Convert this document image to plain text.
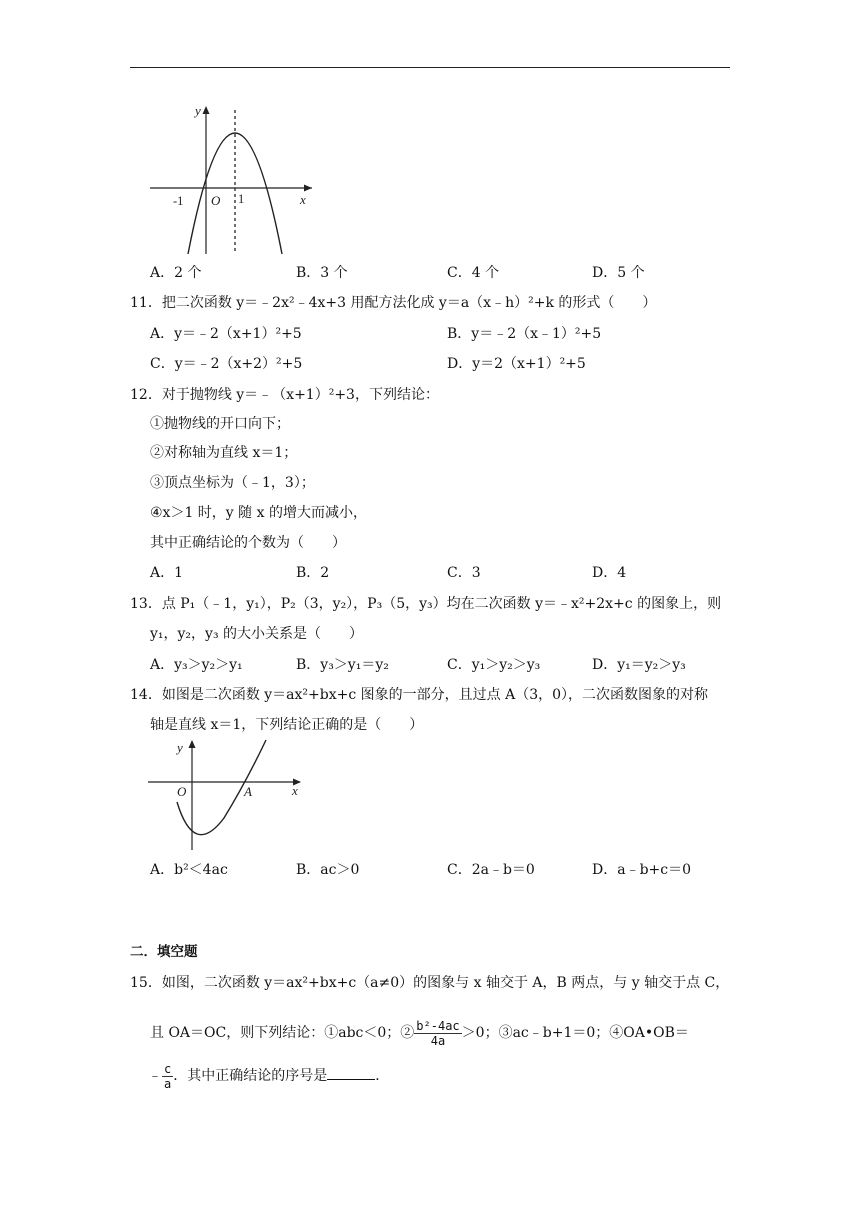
y
x
O
-1	1
A．2 个	B．3 个	C．4 个	D．5 个
11．把二次函数 y＝﹣2x²﹣4x+3 用配方法化成 y＝a（x﹣h）²+k 的形式（　　）
A．y＝﹣2（x+1）²+5	B．y＝﹣2（x﹣1）²+5
C．y＝﹣2（x+2）²+5	D．y＝2（x+1）²+5
12．对于抛物线 y＝﹣（x+1）²+3，下列结论：
①抛物线的开口向下；
②对称轴为直线 x＝1；
③顶点坐标为（﹣1，3）；
④x＞1 时，y 随 x 的增大而减小，
其中正确结论的个数为（　　）
A．1	B．2	C．3	D．4
13．点 P₁（﹣1，y₁），P₂（3，y₂），P₃（5，y₃）均在二次函数 y＝﹣x²+2x+c 的图象上，则
y₁，y₂，y₃ 的大小关系是（　　）
A．y₃＞y₂＞y₁	B．y₃＞y₁＝y₂	C．y₁＞y₂＞y₃	D．y₁＝y₂＞y₃
14．如图是二次函数 y＝ax²+bx+c 图象的一部分，且过点 A（3，0），二次函数图象的对称
轴是直线 x＝1，下列结论正确的是（　　）
y
x
O	A
A．b²＜4ac	B．ac＞0	C．2a﹣b＝0	D．a﹣b+c＝0
二．填空题
15．如图，二次函数 y＝ax²+bx+c（a≠0）的图象与 x 轴交于 A，B 两点，与 y 轴交于点 C，
且 OA＝OC，则下列结论：①abc＜0；② $\frac{\text{b²-4ac}}{4a} >0$；③ac﹣b+1＝0；④OA•OB＝
﹣ $\frac{c}{a}$ ．其中正确结论的序号是	．
